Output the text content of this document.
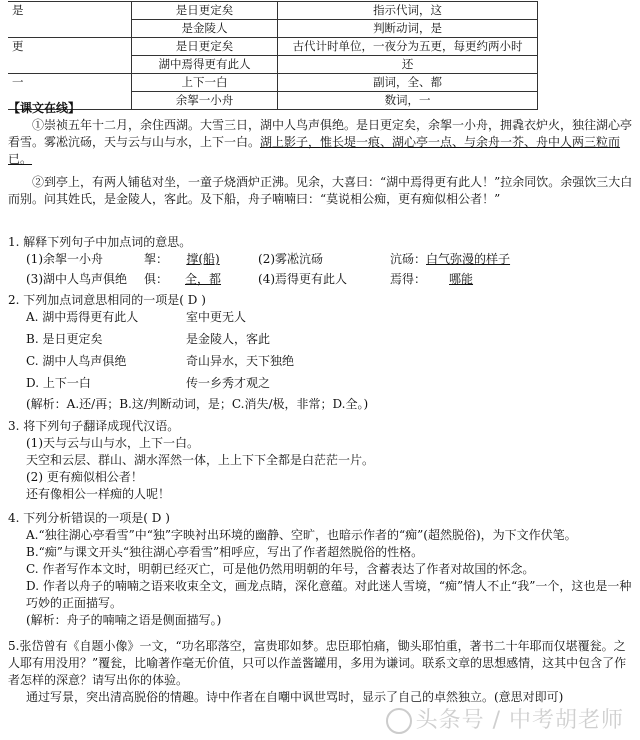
是	是日更定矣	指示代词，这
	是金陵人	判断动词，是
更	是日更定矣	古代计时单位，一夜分为五更，每更约两小时
	湖中焉得更有此人	还
一	上下一白	副词，全、都
	余挐一小舟	数词，一

【课文在线】

①崇祯五年十二月，余住西湖。大雪三日，湖中人鸟声俱绝。是日更定矣，余挐一小舟，拥毳衣炉火，独往湖心亭看雪。雾凇沆砀，天与云与山与水，上下一白。湖上影子，惟长堤一痕、湖心亭一点、与余舟一芥、舟中人两三粒而已。

②到亭上，有两人铺毡对坐，一童子烧酒炉正沸。见余，大喜曰：“湖中焉得更有此人！”拉余同饮。余强饮三大白而别。问其姓氏，是金陵人，客此。及下船，舟子喃喃曰：“莫说相公痴，更有痴似相公者！”

1. 解释下列句子中加点词的意思。

(1)余挐一小舟	挐：	撑(船)	(2)雾凇沆砀	沆砀： 白气弥漫的样子
(3)湖中人鸟声俱绝	俱：	全，都	(4)焉得更有此人	焉得：	哪能

2. 下列加点词意思相同的一项是( D )

A. 湖中焉得更有此人	室中更无人
B. 是日更定矣	是金陵人，客此
C. 湖中人鸟声俱绝	奇山异水，天下独绝
D. 上下一白	传一乡秀才观之

(解析：A.还/再；B.这/判断动词，是；C.消失/极，非常；D.全。)

3. 将下列句子翻译成现代汉语。

(1)天与云与山与水，上下一白。

天空和云层、群山、湖水浑然一体，上上下下全都是白茫茫一片。

(2) 更有痴似相公者！

还有像相公一样痴的人呢！

4. 下列分析错误的一项是( D )

A.“独往湖心亭看雪”中“独”字映衬出环境的幽静、空旷，也暗示作者的“痴”(超然脱俗)，为下文作伏笔。

B.“痴”与课文开头“独往湖心亭看雪”相呼应，写出了作者超然脱俗的性格。

C. 作者写作本文时，明朝已经灭亡，可是他仍然用明朝的年号，含蓄表达了作者对故国的怀念。

D. 作者以舟子的喃喃之语来收束全文，画龙点睛，深化意蕴。对此迷人雪境，“痴”情人不止“我”一个，这也是一种巧妙的正面描写。

(解析：舟子的喃喃之语是侧面描写。)

5.张岱曾有《自题小像》一文，“功名耶落空，富贵耶如梦。忠臣耶怕痛，锄头耶怕重，著书二十年耶而仅堪覆瓮。之人耶有用没用？”覆瓮，比喻著作毫无价值，只可以作盖酱罐用，多用为谦词。联系文章的思想感情，这其中包含了作者怎样的深意？请写出你的体验。

通过写景，突出清高脱俗的情趣。诗中作者在自嘲中讽世骂时，显示了自己的卓然独立。(意思对即可)

头条号 / 中考胡老师
